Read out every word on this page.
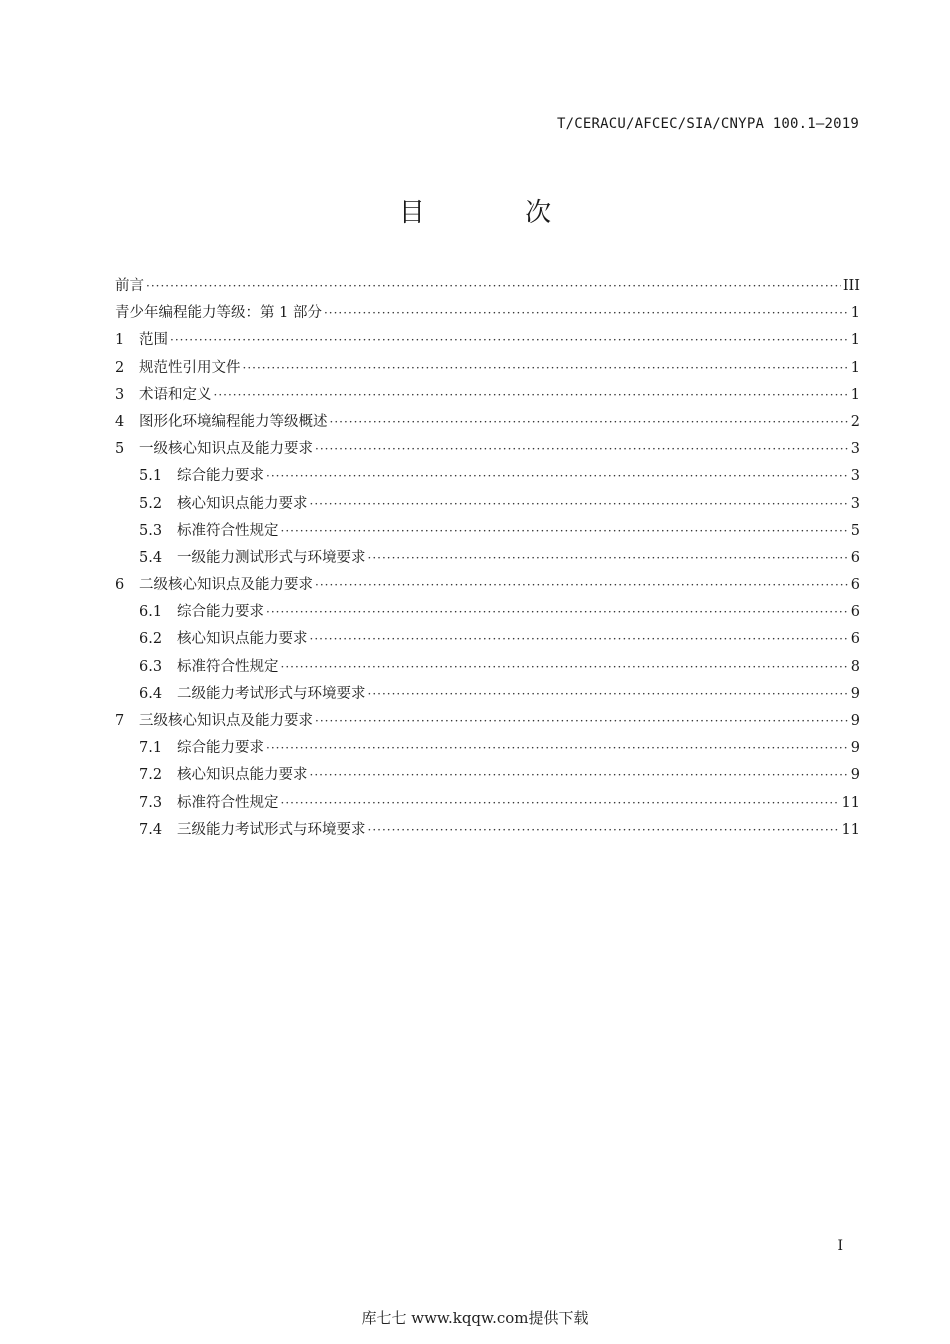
T/CERACU/AFCEC/SIA/CNYPA 100.1—2019
目 次
前言 ·····	III
青少年编程能力等级：第 1 部分 ·····	1
1	范围 ·····	1
2	规范性引用文件 ·····	1
3	术语和定义 ·····	1
4	图形化环境编程能力等级概述 ·····	2
5	一级核心知识点及能力要求 ·····	3
5.1	综合能力要求 ·····	3
5.2	核心知识点能力要求 ·····	3
5.3	标准符合性规定 ·····	5
5.4	一级能力测试形式与环境要求 ·····	6
6	二级核心知识点及能力要求 ·····	6
6.1	综合能力要求 ·····	6
6.2	核心知识点能力要求 ·····	6
6.3	标准符合性规定 ·····	8
6.4	二级能力考试形式与环境要求 ·····	9
7	三级核心知识点及能力要求 ·····	9
7.1	综合能力要求 ·····	9
7.2	核心知识点能力要求 ·····	9
7.3	标准符合性规定 ·····	11
7.4	三级能力考试形式与环境要求 ·····	11
I
库七七 www.kqqw.com提供下载
